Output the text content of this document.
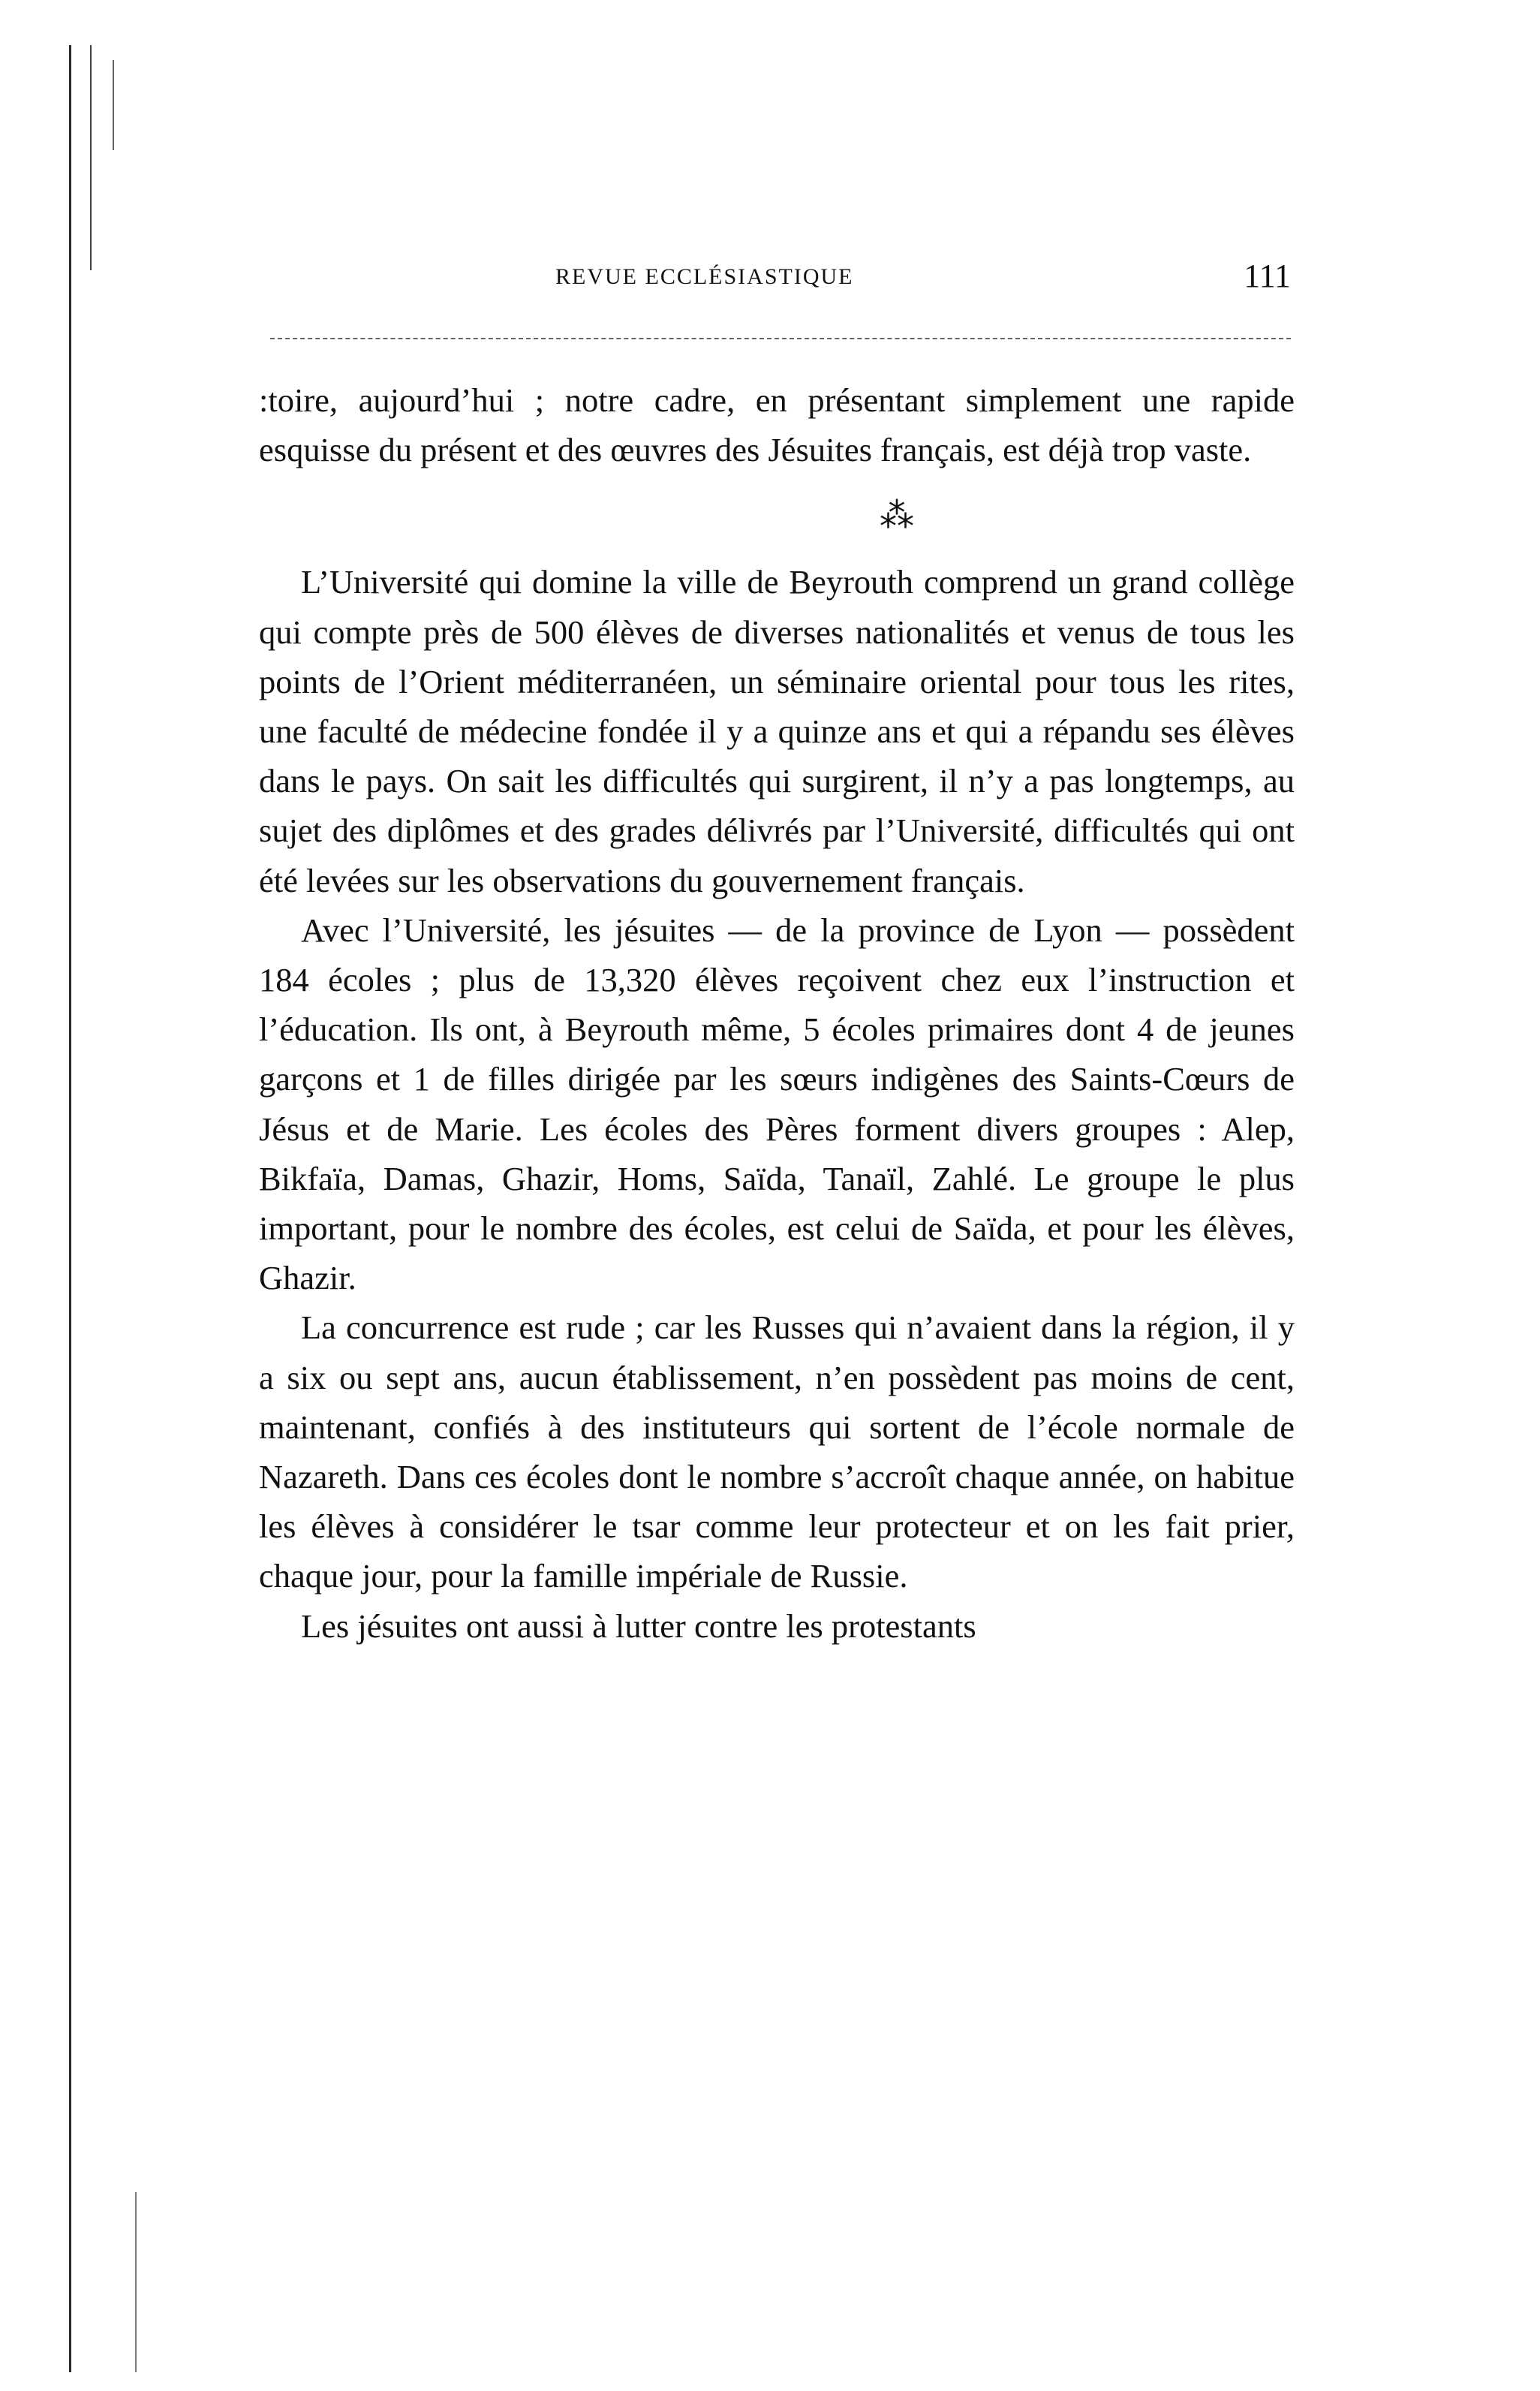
REVUE ECCLÉSIASTIQUE	111

:toire, aujourd’hui ; notre cadre, en présentant simplement une rapide esquisse du présent et des œuvres des Jésuites français, est déjà trop vaste.

⁂

L’Université qui domine la ville de Beyrouth comprend un grand collège qui compte près de 500 élèves de diverses nationalités et venus de tous les points de l’Orient méditerranéen, un séminaire oriental pour tous les rites, une faculté de médecine fondée il y a quinze ans et qui a répandu ses élèves dans le pays. On sait les difficultés qui surgirent, il n’y a pas longtemps, au sujet des diplômes et des grades délivrés par l’Université, difficultés qui ont été levées sur les observations du gouvernement français.

Avec l’Université, les jésuites — de la province de Lyon — possèdent 184 écoles ; plus de 13,320 élèves reçoivent chez eux l’instruction et l’éducation. Ils ont, à Beyrouth même, 5 écoles primaires dont 4 de jeunes garçons et 1 de filles dirigée par les sœurs indigènes des Saints-Cœurs de Jésus et de Marie. Les écoles des Pères forment divers groupes : Alep, Bikfaïa, Damas, Ghazir, Homs, Saïda, Tanaïl, Zahlé. Le groupe le plus important, pour le nombre des écoles, est celui de Saïda, et pour les élèves, Ghazir.

La concurrence est rude ; car les Russes qui n’avaient dans la région, il y a six ou sept ans, aucun établissement, n’en possèdent pas moins de cent, maintenant, confiés à des instituteurs qui sortent de l’école normale de Nazareth. Dans ces écoles dont le nombre s’accroît chaque année, on habitue les élèves à considérer le tsar comme leur protecteur et on les fait prier, chaque jour, pour la famille impériale de Russie.

Les jésuites ont aussi à lutter contre les protestants
